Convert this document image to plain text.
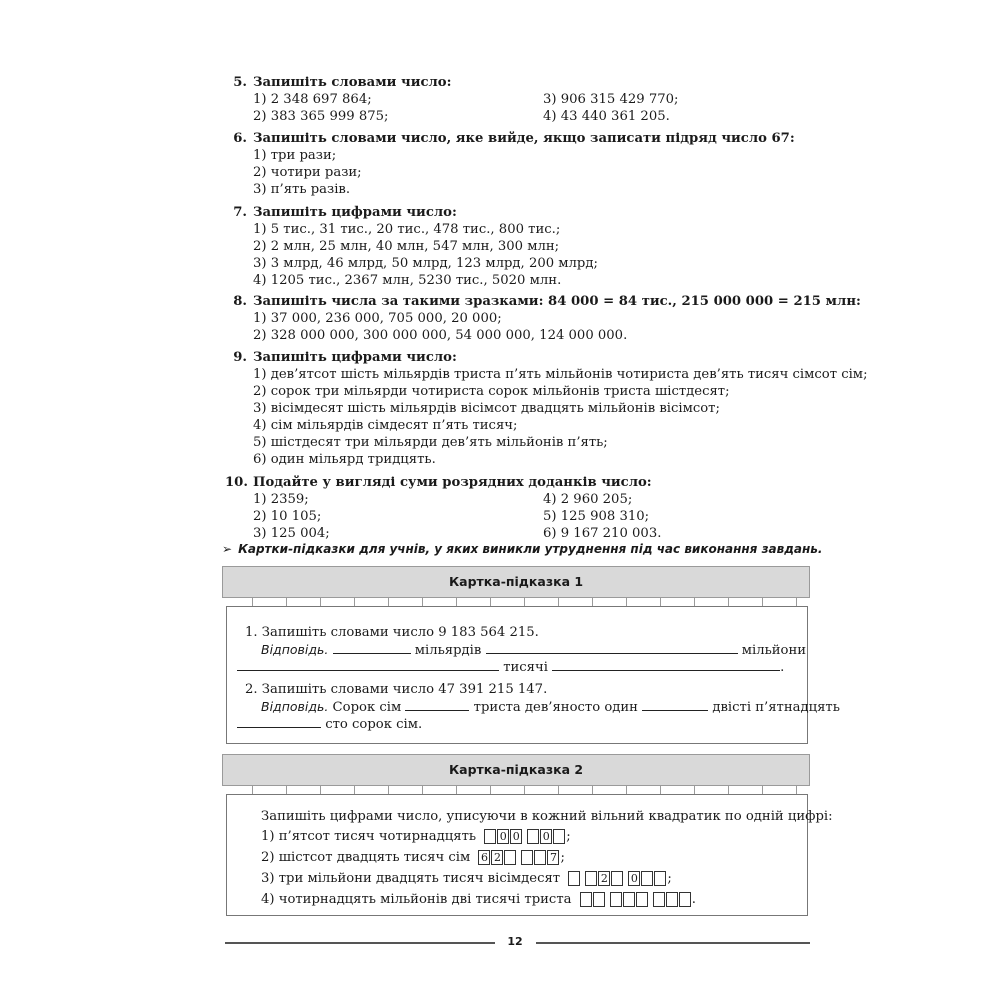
5. Запишіть словами число:
1) 2 348 697 864;
2) 383 365 999 875;
3) 906 315 429 770;
4) 43 440 361 205.
6. Запишіть словами число, яке вийде, якщо записати підряд число 67:
1) три рази;
2) чотири рази;
3) п’ять разів.
7. Запишіть цифрами число:
1) 5 тис., 31 тис., 20 тис., 478 тис., 800 тис.;
2) 2 млн, 25 млн, 40 млн, 547 млн, 300 млн;
3) 3 млрд, 46 млрд, 50 млрд, 123 млрд, 200 млрд;
4) 1205 тис., 2367 млн, 5230 тис., 5020 млн.
8. Запишіть числа за такими зразками: 84 000 = 84 тис., 215 000 000 = 215 млн:
1) 37 000, 236 000, 705 000, 20 000;
2) 328 000 000, 300 000 000, 54 000 000, 124 000 000.
9. Запишіть цифрами число:
1) дев’ятсот шість мільярдів триста п’ять мільйонів чотириста дев’ять тисяч сімсот сім;
2) сорок три мільярди чотириста сорок мільйонів триста шістдесят;
3) вісімдесят шість мільярдів вісімсот двадцять мільйонів вісімсот;
4) сім мільярдів сімдесят п’ять тисяч;
5) шістдесят три мільярди дев’ять мільйонів п’ять;
6) один мільярд тридцять.
10. Подайте у вигляді суми розрядних доданків число:
1) 2359;
2) 10 105;
3) 125 004;
4) 2 960 205;
5) 125 908 310;
6) 9 167 210 003.
➢ Картки-підказки для учнів, у яких виникли утруднення під час виконання завдань.
Картка-підказка 1
1. Запишіть словами число 9 183 564 215.
Відповідь.	мільярдів	мільйони
тисячі	.
2. Запишіть словами число 47 391 215 147.
Відповідь. Сорок сім	триста дев’яносто один	двісті п’ятнадцять
сто сорок сім.
Картка-підказка 2
Запишіть цифрами число, уписуючи в кожний вільний квадратик по одній цифрі:
1) п’ятсот тисяч чотирнадцять 0 0 0 ;
2) шістсот двадцять тисяч сім 6 2	7 ;
3) три мільйони двадцять тисяч вісімдесят	2 0 ;
4) чотирнадцять мільйонів дві тисячі триста	.
12
